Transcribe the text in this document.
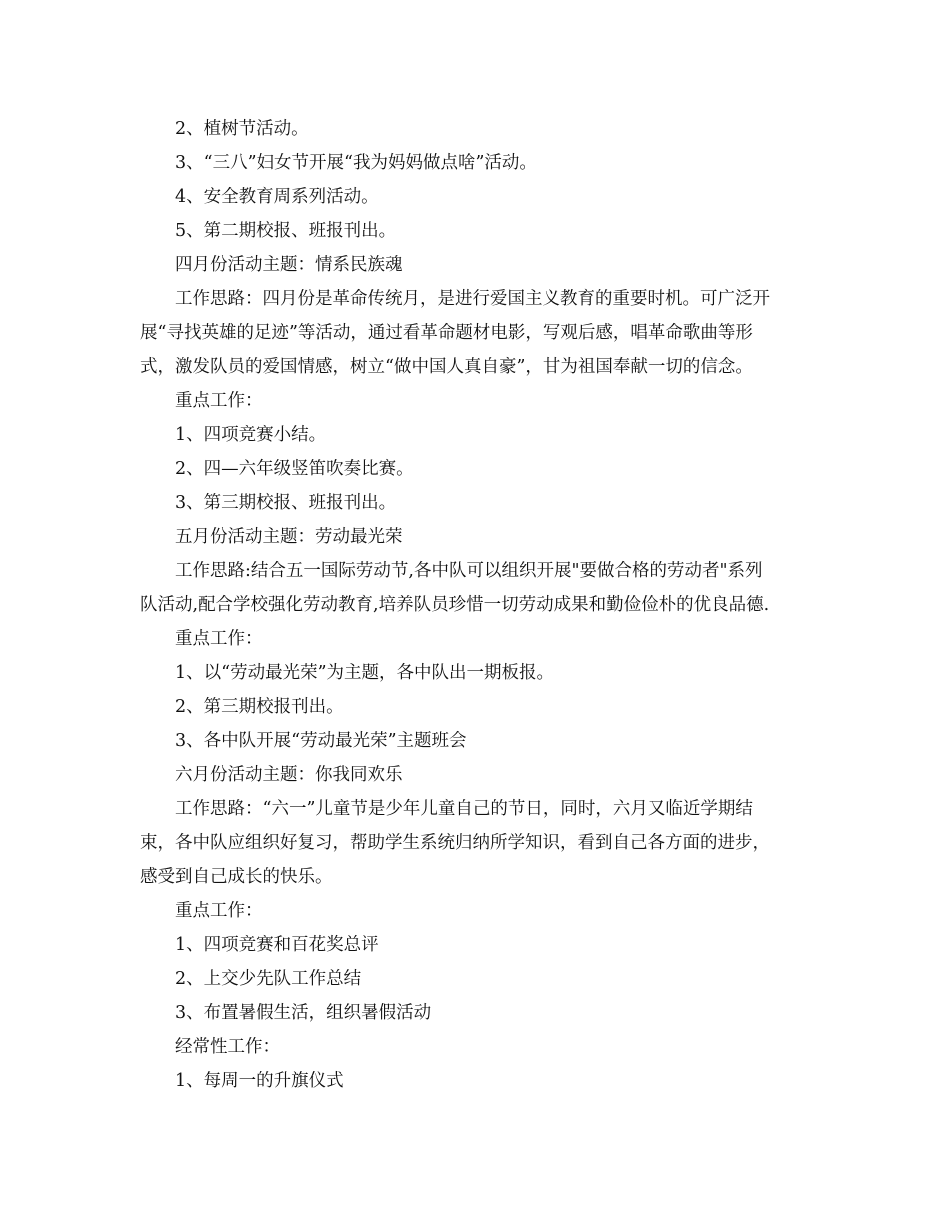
2、植树节活动。
3、“三八”妇女节开展“我为妈妈做点啥”活动。
4、安全教育周系列活动。
5、第二期校报、班报刊出。
四月份活动主题：情系民族魂
工作思路：四月份是革命传统月，是进行爱国主义教育的重要时机。可广泛开
展“寻找英雄的足迹”等活动，通过看革命题材电影，写观后感，唱革命歌曲等形
式，激发队员的爱国情感，树立“做中国人真自豪”，甘为祖国奉献一切的信念。
重点工作：
1、四项竞赛小结。
2、四—六年级竖笛吹奏比赛。
3、第三期校报、班报刊出。
五月份活动主题：劳动最光荣
工作思路:结合五一国际劳动节,各中队可以组织开展"要做合格的劳动者"系列
队活动,配合学校强化劳动教育,培养队员珍惜一切劳动成果和勤俭俭朴的优良品德.
重点工作：
1、以“劳动最光荣”为主题，各中队出一期板报。
2、第三期校报刊出。
3、各中队开展“劳动最光荣”主题班会
六月份活动主题：你我同欢乐
工作思路：“六一”儿童节是少年儿童自己的节日，同时，六月又临近学期结
束，各中队应组织好复习，帮助学生系统归纳所学知识，看到自己各方面的进步，
感受到自己成长的快乐。
重点工作：
1、四项竞赛和百花奖总评
2、上交少先队工作总结
3、布置暑假生活，组织暑假活动
经常性工作：
1、每周一的升旗仪式
